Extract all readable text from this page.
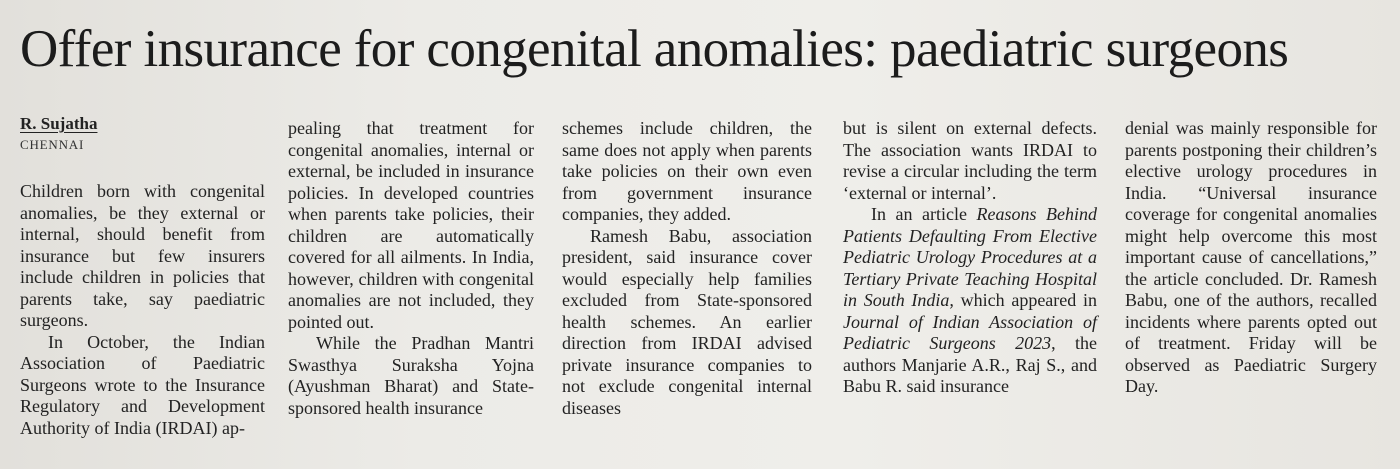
Offer insurance for congenital anomalies: paediatric surgeons
R. Sujatha
CHENNAI

Children born with congenital anomalies, be they external or internal, should benefit from insurance but few insurers include children in policies that parents take, say paediatric surgeons.

In October, the Indian Association of Paediatric Surgeons wrote to the Insurance Regulatory and Development Authority of India (IRDAI) ap-

pealing that treatment for congenital anomalies, internal or external, be included in insurance policies. In developed countries when parents take policies, their children are automatically covered for all ailments. In India, however, children with congenital anomalies are not included, they pointed out.

While the Pradhan Mantri Swasthya Suraksha Yojna (Ayushman Bharat) and State-sponsored health insurance

schemes include children, the same does not apply when parents take policies on their own even from government insurance companies, they added.

Ramesh Babu, association president, said insurance cover would especially help families excluded from State-sponsored health schemes. An earlier direction from IRDAI advised private insurance companies to not exclude congenital internal diseases

but is silent on external defects. The association wants IRDAI to revise a circular including the term ‘external or internal’.

In an article Reasons Behind Patients Defaulting From Elective Pediatric Urology Procedures at a Tertiary Private Teaching Hospital in South India, which appeared in Journal of Indian Association of Pediatric Surgeons 2023, the authors Manjarie A.R., Raj S., and Babu R. said insurance

denial was mainly responsible for parents postponing their children’s elective urology procedures in India. “Universal insurance coverage for congenital anomalies might help overcome this most important cause of cancellations,” the article concluded. Dr. Ramesh Babu, one of the authors, recalled incidents where parents opted out of treatment. Friday will be observed as Paediatric Surgery Day.
